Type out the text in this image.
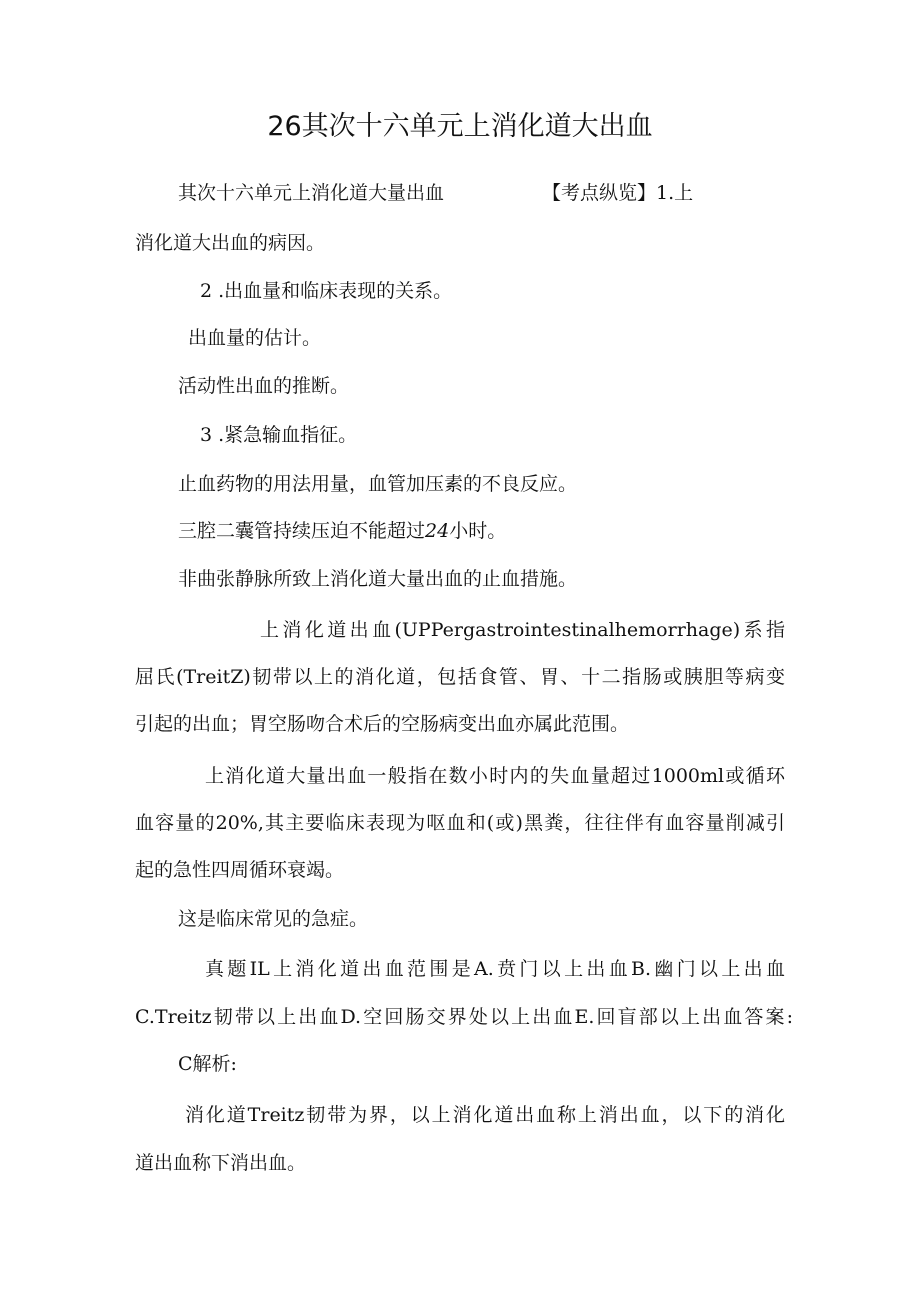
26其次十六单元上消化道大出血
其次十六单元上消化道大量出血	【考点纵览】1.上
消化道大出血的病因。
2 .出血量和临床表现的关系。
出血量的估计。
活动性出血的推断。
3 .紧急输血指征。
止血药物的用法用量，血管加压素的不良反应。
三腔二囊管持续压迫不能超过24小时。
非曲张静脉所致上消化道大量出血的止血措施。
上消化道出血(UPPergastrointestinalhemorrhage)系指
屈氏(TreitZ)韧带以上的消化道，包括食管、胃、十二指肠或胰胆等病变
引起的出血；胃空肠吻合术后的空肠病变出血亦属此范围。
上消化道大量出血一般指在数小时内的失血量超过1000ml或循环
血容量的20%,其主要临床表现为呕血和(或)黑粪，往往伴有血容量削减引
起的急性四周循环衰竭。
这是临床常见的急症。
真题IL上消化道出血范围是A.贲门以上出血B.幽门以上出血
C.Treitz韧带以上出血D.空回肠交界处以上出血E.回盲部以上出血答案:
C解析:
消化道Treitz韧带为界，以上消化道出血称上消出血，以下的消化
道出血称下消出血。
